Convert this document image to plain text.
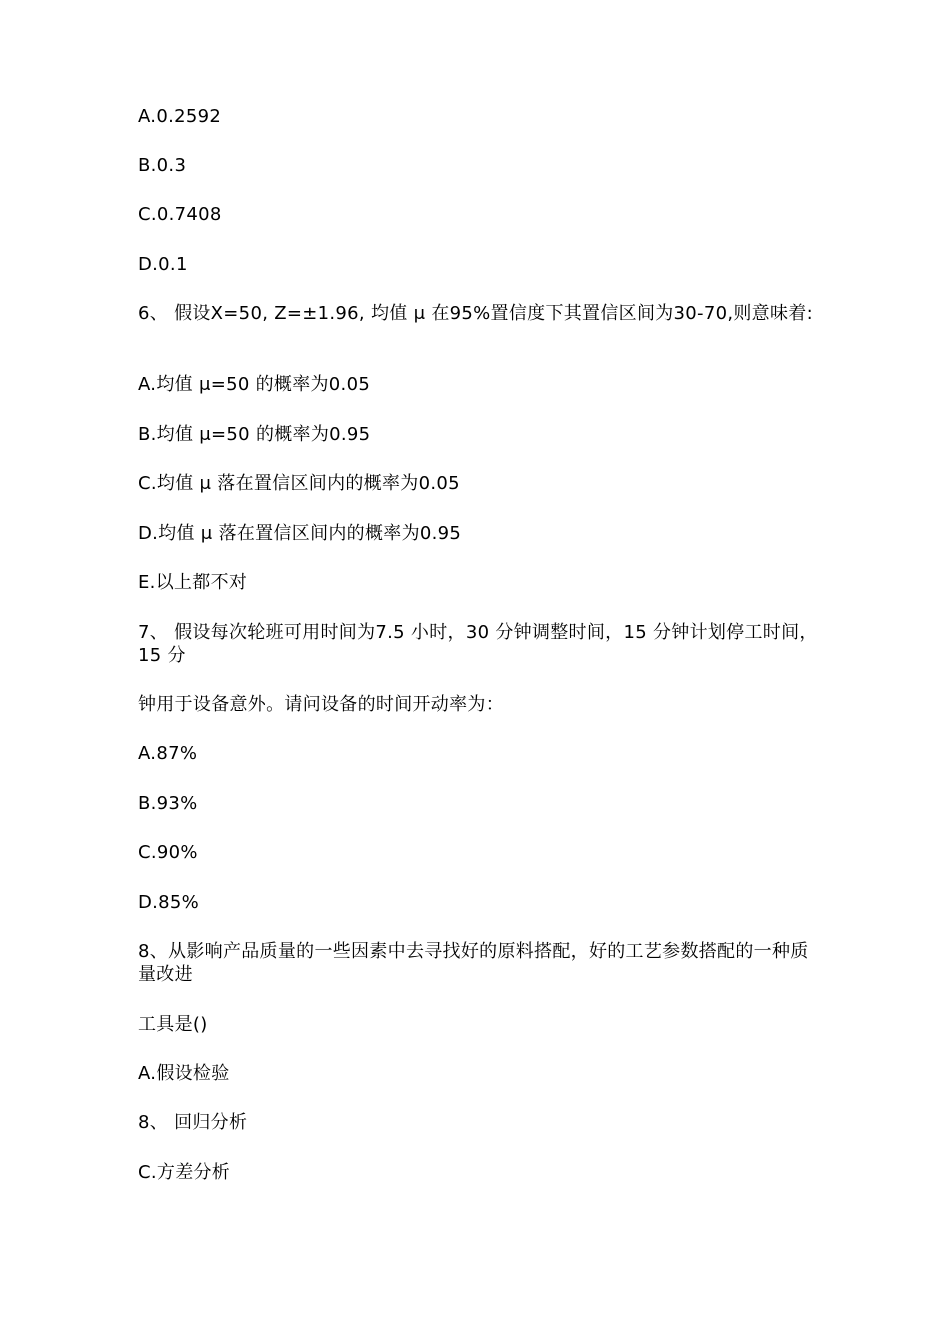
A.0.2592
B.0.3
C.0.7408
D.0.1
6、 假设X=50, Z=±1.96, 均值 μ 在95%置信度下其置信区间为30-70,则意味着:
A.均值 μ=50 的概率为0.05
B.均值 μ=50 的概率为0.95
C.均值 μ 落在置信区间内的概率为0.05
D.均值 μ 落在置信区间内的概率为0.95
E.以上都不对
7、 假设每次轮班可用时间为7.5 小时，30 分钟调整时间，15 分钟计划停工时间，15 分
钟用于设备意外。请问设备的时间开动率为：
A.87%
B.93%
C.90%
D.85%
8、从影响产品质量的一些因素中去寻找好的原料搭配，好的工艺参数搭配的一种质量改进
工具是()
A.假设检验
8、 回归分析
C.方差分析
